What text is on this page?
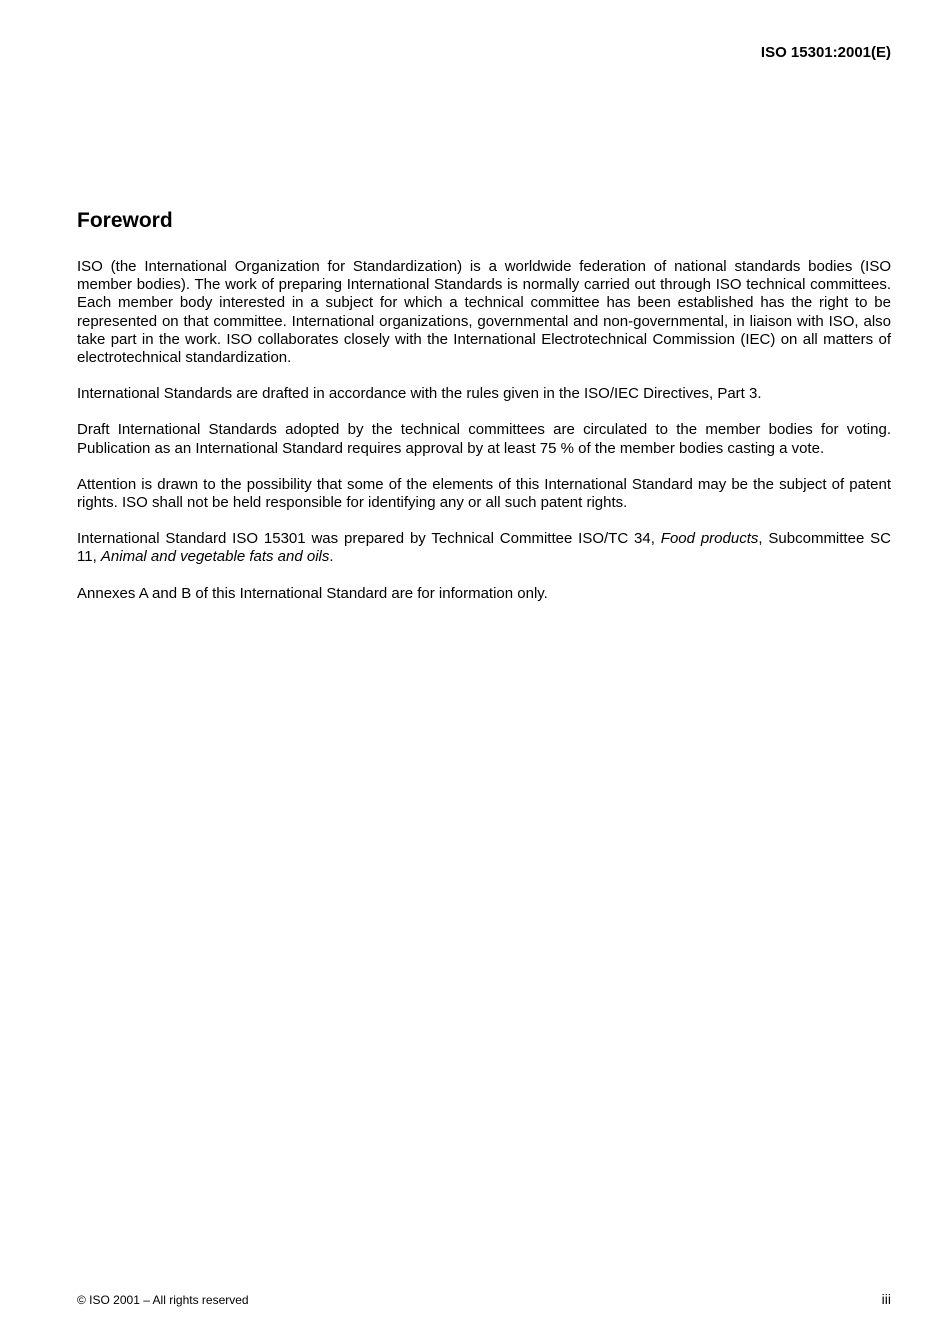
ISO 15301:2001(E)
Foreword

ISO (the International Organization for Standardization) is a worldwide federation of national standards bodies (ISO member bodies). The work of preparing International Standards is normally carried out through ISO technical committees. Each member body interested in a subject for which a technical committee has been established has the right to be represented on that committee. International organizations, governmental and non-governmental, in liaison with ISO, also take part in the work. ISO collaborates closely with the International Electrotechnical Commission (IEC) on all matters of electrotechnical standardization.

International Standards are drafted in accordance with the rules given in the ISO/IEC Directives, Part 3.

Draft International Standards adopted by the technical committees are circulated to the member bodies for voting. Publication as an International Standard requires approval by at least 75 % of the member bodies casting a vote.

Attention is drawn to the possibility that some of the elements of this International Standard may be the subject of patent rights. ISO shall not be held responsible for identifying any or all such patent rights.

International Standard ISO 15301 was prepared by Technical Committee ISO/TC 34, Food products, Subcommittee SC 11, Animal and vegetable fats and oils.

Annexes A and B of this International Standard are for information only.

© ISO 2001 – All rights reserved	iii
